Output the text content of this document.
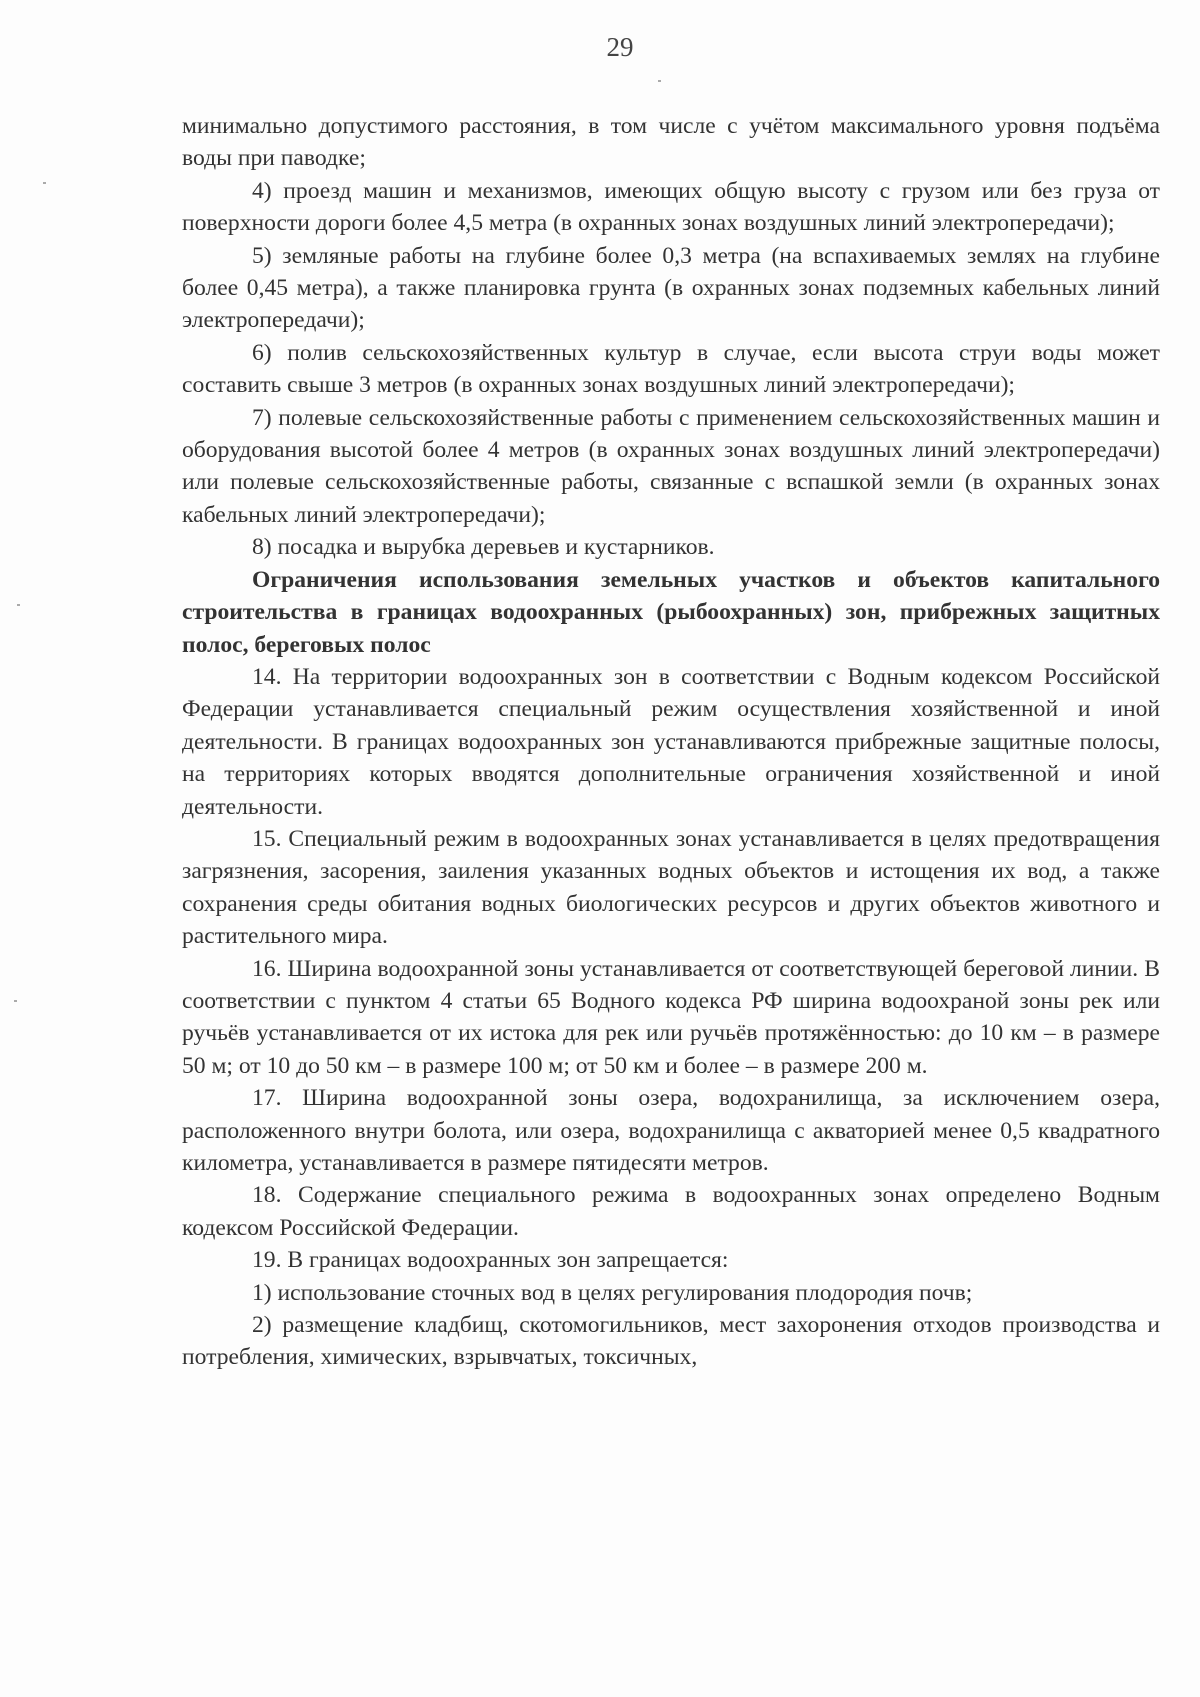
29

минимально допустимого расстояния, в том числе с учётом максимального уровня подъёма воды при паводке;

4) проезд машин и механизмов, имеющих общую высоту с грузом или без груза от поверхности дороги более 4,5 метра (в охранных зонах воздушных линий электропередачи);

5) земляные работы на глубине более 0,3 метра (на вспахиваемых землях на глубине более 0,45 метра), а также планировка грунта (в охранных зонах подземных кабельных линий электропередачи);

6) полив сельскохозяйственных культур в случае, если высота струи воды может составить свыше 3 метров (в охранных зонах воздушных линий электропередачи);

7) полевые сельскохозяйственные работы с применением сельскохозяйственных машин и оборудования высотой более 4 метров (в охранных зонах воздушных линий электропередачи) или полевые сельскохозяйственные работы, связанные с вспашкой земли (в охранных зонах кабельных линий электропередачи);

8) посадка и вырубка деревьев и кустарников.

Ограничения использования земельных участков и объектов капитального строительства в границах водоохранных (рыбоохранных) зон, прибрежных защитных полос, береговых полос

14. На территории водоохранных зон в соответствии с Водным кодексом Российской Федерации устанавливается специальный режим осуществления хозяйственной и иной деятельности. В границах водоохранных зон устанавливаются прибрежные защитные полосы, на территориях которых вводятся дополнительные ограничения хозяйственной и иной деятельности.

15. Специальный режим в водоохранных зонах устанавливается в целях предотвращения загрязнения, засорения, заиления указанных водных объектов и истощения их вод, а также сохранения среды обитания водных биологических ресурсов и других объектов животного и растительного мира.

16. Ширина водоохранной зоны устанавливается от соответствующей береговой линии. В соответствии с пунктом 4 статьи 65 Водного кодекса РФ ширина водоохраной зоны рек или ручьёв устанавливается от их истока для рек или ручьёв протяжённостью: до 10 км – в размере 50 м; от 10 до 50 км – в размере 100 м; от 50 км и более – в размере 200 м.

17. Ширина водоохранной зоны озера, водохранилища, за исключением озера, расположенного внутри болота, или озера, водохранилища с акваторией менее 0,5 квадратного километра, устанавливается в размере пятидесяти метров.

18. Содержание специального режима в водоохранных зонах определено Водным кодексом Российской Федерации.

19. В границах водоохранных зон запрещается:

1) использование сточных вод в целях регулирования плодородия почв;

2) размещение кладбищ, скотомогильников, мест захоронения отходов производства и потребления, химических, взрывчатых, токсичных,
